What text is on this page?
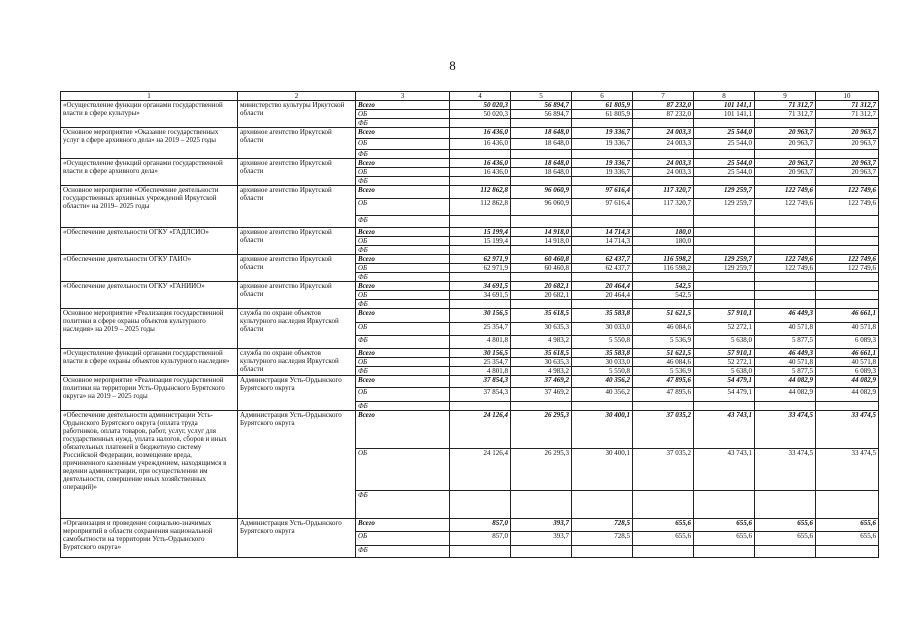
8
1	2	3	4	5	6	7	8	9	10
«Осуществление функции органами государственной власти в сфере культуры»	министерство культуры Иркутской области	Всего	50 020,3	56 894,7	61 805,9	87 232,0	101 141,1	71 312,7	71 312,7
		ОБ	50 020,3	56 894,7	61 805,9	87 232,0	101 141,1	71 312,7	71 312,7
		ФБ							
Основное мероприятие «Оказание государственных услуг в сфере архивного дела» на 2019 – 2025 годы	архивное агентство Иркутской области	Всего	16 436,0	18 648,0	19 336,7	24 003,3	25 544,0	20 963,7	20 963,7
		ОБ	16 436,0	18 648,0	19 336,7	24 003,3	25 544,0	20 963,7	20 963,7
		ФБ							
«Осуществление функций органами государственной власти в сфере архивного дела»	архивное агентство Иркутской области	Всего	16 436,0	18 648,0	19 336,7	24 003,3	25 544,0	20 963,7	20 963,7
		ОБ	16 436,0	18 648,0	19 336,7	24 003,3	25 544,0	20 963,7	20 963,7
		ФБ							
Основное мероприятие «Обеспечение деятельности государственных архивных учреждений Иркутской области» на 2019– 2025 годы	архивное агентство Иркутской области	Всего	112 862,8	96 060,9	97 616,4	117 320,7	129 259,7	122 749,6	122 749,6
		ОБ	112 862,8	96 060,9	97 616,4	117 320,7	129 259,7	122 749,6	122 749,6
		ФБ							
«Обеспечение деятельности ОГКУ «ГАДЛСИО»	архивное агентство Иркутской области	Всего	15 199,4	14 918,0	14 714,3	180,0			
		ОБ	15 199,4	14 918,0	14 714,3	180,0			
		ФБ							
«Обеспечение деятельности ОГКУ ГАИО»	архивное агентство Иркутской области	Всего	62 971,9	60 460,8	62 437,7	116 598,2	129 259,7	122 749,6	122 749,6
		ОБ	62 971,9	60 460,8	62 437,7	116 598,2	129 259,7	122 749,6	122 749,6
		ФБ							
«Обеспечение деятельности ОГКУ «ГАНИИО»	архивное агентство Иркутской области	Всего	34 691,5	20 682,1	20 464,4	542,5			
		ОБ	34 691,5	20 682,1	20 464,4	542,5			
		ФБ							
Основное мероприятие «Реализация государственной политики в сфере охраны объектов культурного наследия» на 2019 – 2025 годы	служба по охране объектов культурного наследия Иркутской области	Всего	30 156,5	35 618,5	35 583,8	51 621,5	57 910,1	46 449,3	46 661,1
		ОБ	25 354,7	30 635,3	30 033,0	46 084,6	52 272,1	40 571,8	40 571,8
		ФБ	4 801,8	4 983,2	5 550,8	5 536,9	5 638,0	5 877,5	6 089,3
«Осуществление функций органами государственной власти в сфере охраны объектов культурного наследия»	служба по охране объектов культурного наследия Иркутской области	Всего	30 156,5	35 618,5	35 583,8	51 621,5	57 910,1	46 449,3	46 661,1
		ОБ	25 354,7	30 635,3	30 033,0	46 084,6	52 272,1	40 571,8	40 571,8
		ФБ	4 801,8	4 983,2	5 550,8	5 536,9	5 638,0	5 877,5	6 089,3
Основное мероприятие «Реализация государственной политики на территории Усть-Ордынского Бурятского округа» на 2019 – 2025 годы	Администрация Усть-Ордынского Бурятского округа	Всего	37 854,3	37 469,2	40 356,2	47 895,6	54 479,1	44 082,9	44 082,9
		ОБ	37 854,3	37 469,2	40 356,2	47 895,6	54 479,1	44 082,9	44 082,9
		ФБ							
«Обеспечение деятельности администрации Усть-Ордынского Бурятского округа (оплата труда работников, оплата товаров, работ, услуг, услуг для государственных нужд, уплата налогов, сборов и иных обязательных платежей в бюджетную систему Российской Федерации, возмещение вреда, причиненного казенным учреждением, находящимся в ведении администрации, при осуществлении им деятельности, совершение иных хозяйственных операций)»	Администрация Усть-Ордынского Бурятского округа	Всего	24 126,4	26 295,3	30 400,1	37 035,2	43 743,1	33 474,5	33 474,5
		ОБ	24 126,4	26 295,3	30 400,1	37 035,2	43 743,1	33 474,5	33 474,5
		ФБ							
«Организация и проведение социально-значимых мероприятий в области сохранения национальной самобытности на территории Усть-Ордынского Бурятского округа»	Администрация Усть-Ордынского Бурятского округа	Всего	857,0	393,7	728,5	655,6	655,6	655,6	655,6
		ОБ	857,0	393,7	728,5	655,6	655,6	655,6	655,6
		ФБ							
